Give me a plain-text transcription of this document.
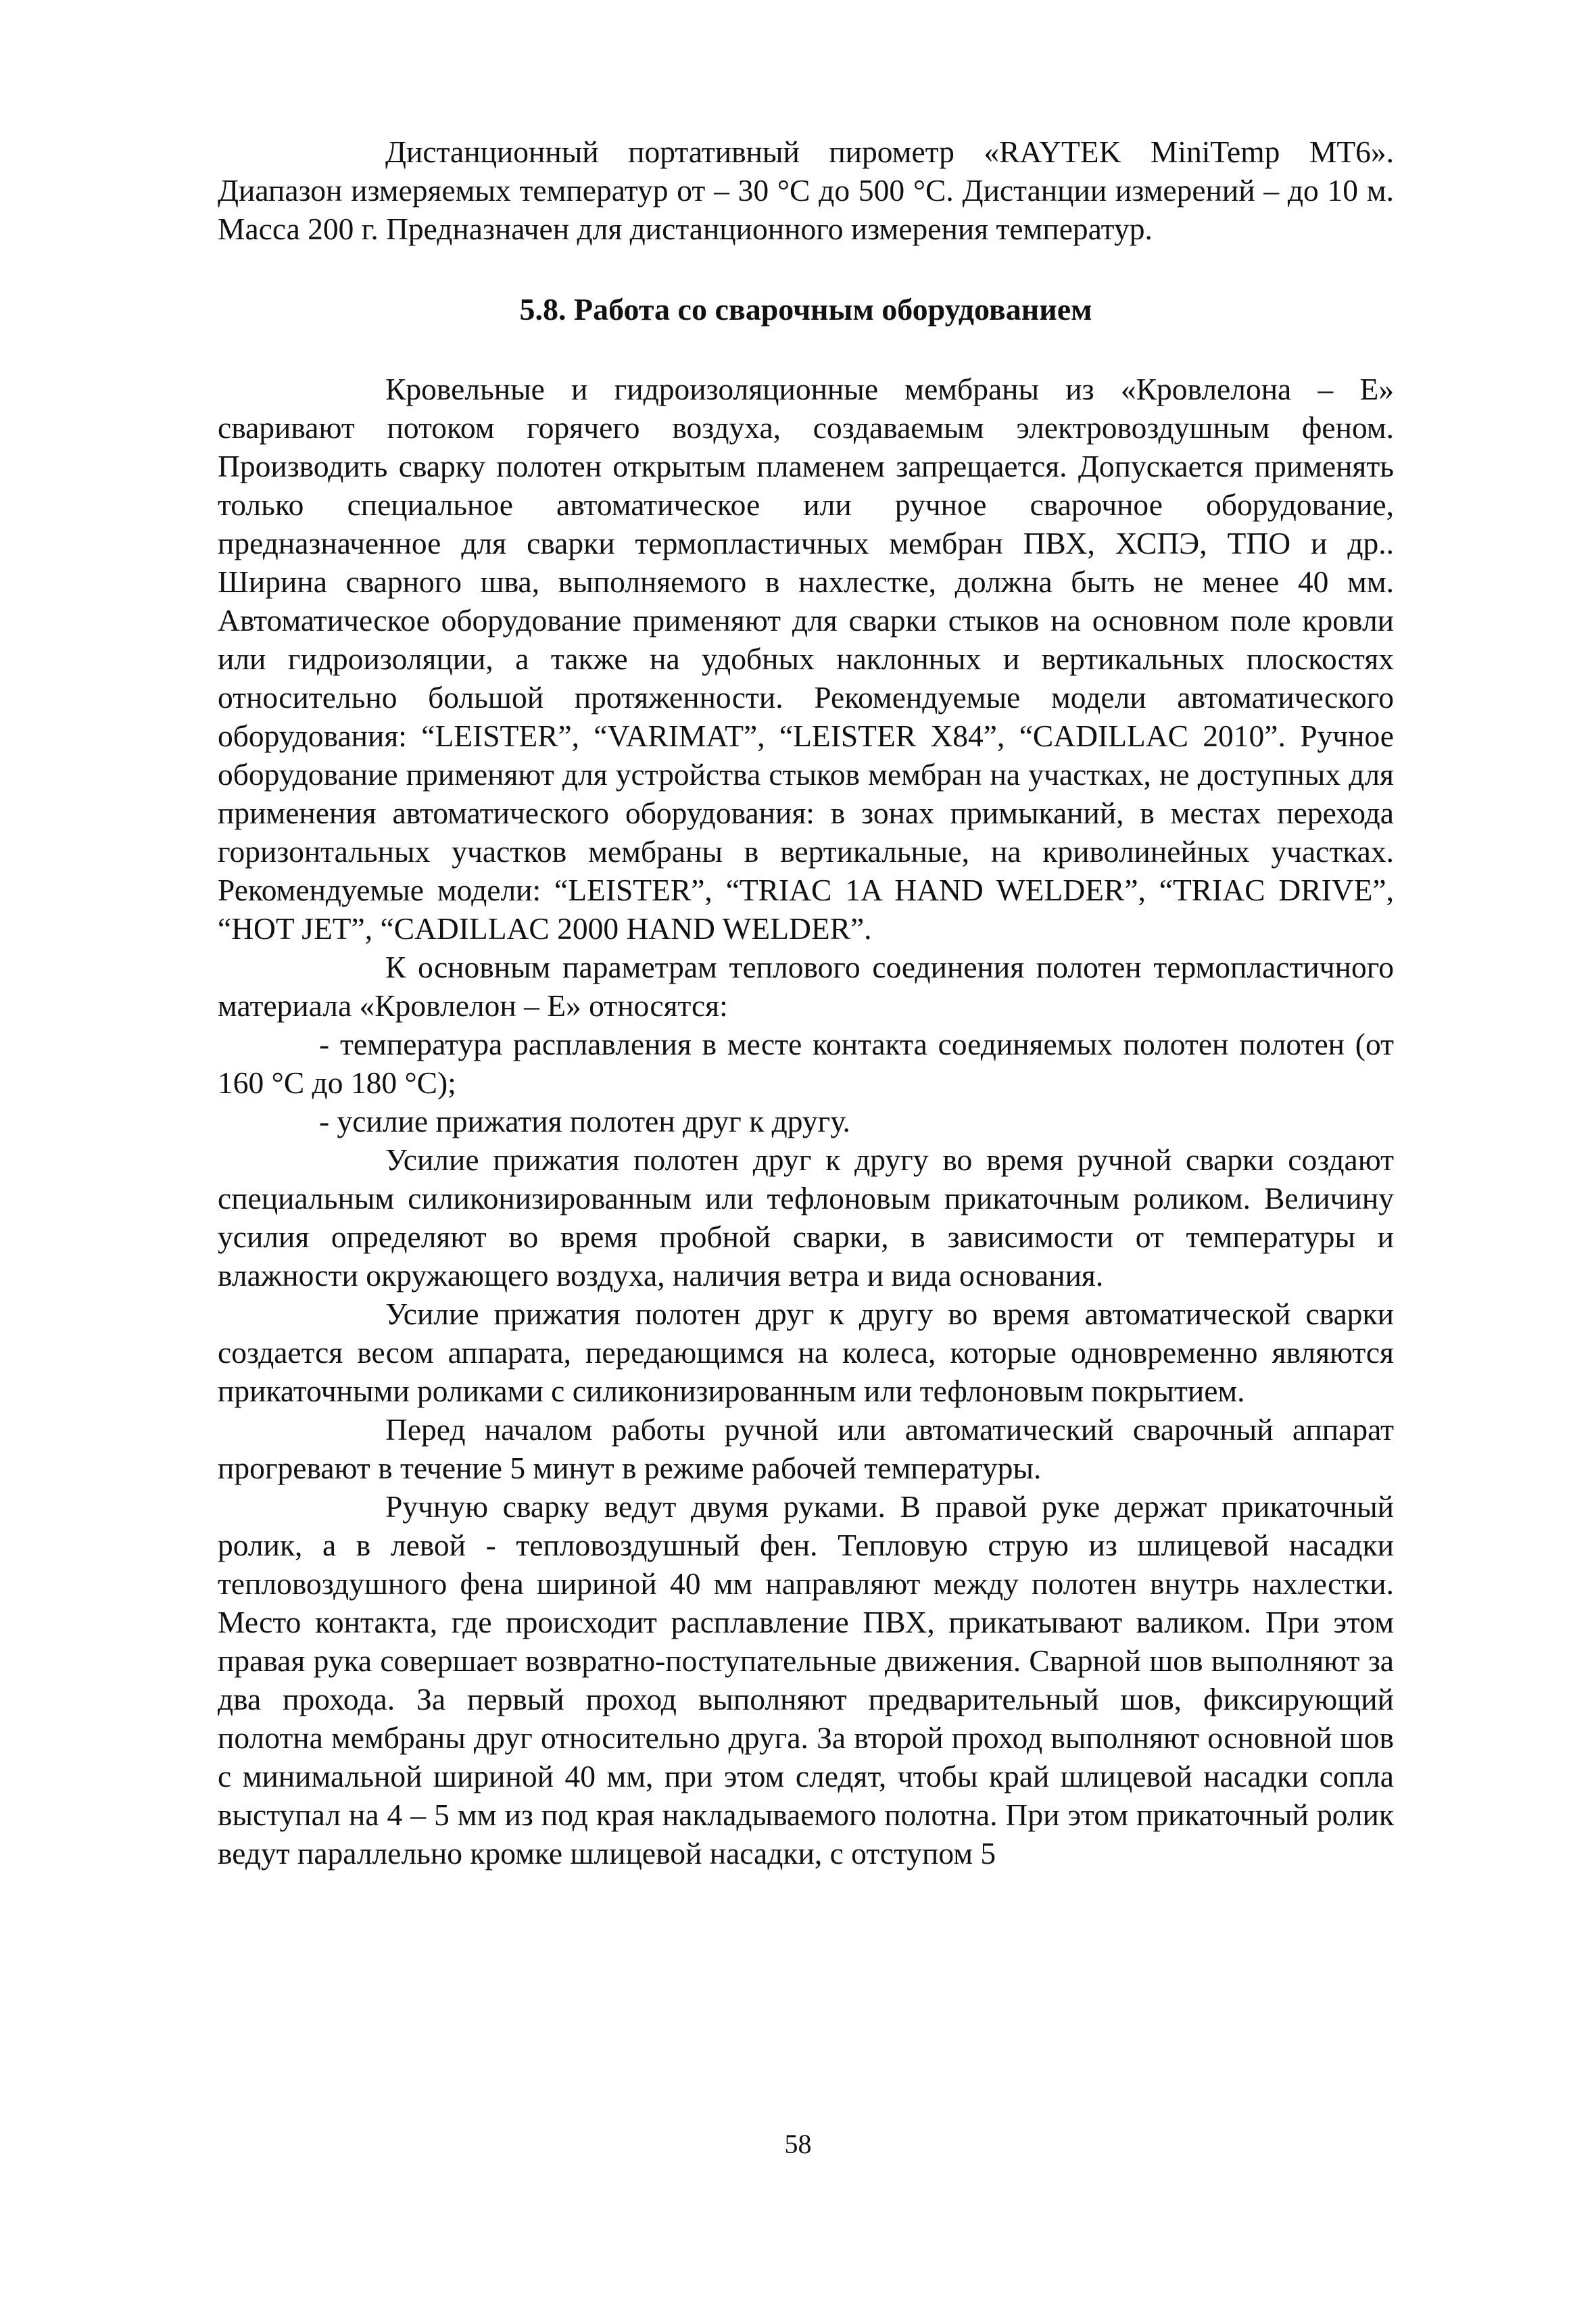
Дистанционный портативный пирометр «RAYTEK MiniTemp MT6». Диапазон измеряемых температур от – 30 °С до 500 °С. Дистанции измерений – до 10 м. Масса 200 г. Предназначен для дистанционного измерения температур.

5.8. Работа со сварочным оборудованием

Кровельные и гидроизоляционные мембраны из «Кровлелона – Е» сваривают потоком горячего воздуха, создаваемым электровоздушным феном. Производить сварку полотен открытым пламенем запрещается. Допускается применять только специальное автоматическое или ручное сварочное оборудование, предназначенное для сварки термопластичных мембран ПВХ, ХСПЭ, ТПО и др.. Ширина сварного шва, выполняемого в нахлестке, должна быть не менее 40 мм. Автоматическое оборудование применяют для сварки стыков на основном поле кровли или гидроизоляции, а также на удобных наклонных и вертикальных плоскостях относительно большой протяженности. Рекомендуемые модели автоматического оборудования: “LEISTER”, “VARIMAT”, “LEISTER X84”, “CADILLAC 2010”. Ручное оборудование применяют для устройства стыков мембран на участках, не доступных для применения автоматического оборудования: в зонах примыканий, в местах перехода горизонтальных участков мембраны в вертикальные, на криволинейных участках. Рекомендуемые модели: “LEISTER”, “TRIAC 1A HAND WELDER”, “TRIAC DRIVE”, “HOT JET”, “CADILLAC 2000 HAND WELDER”.

К основным параметрам теплового соединения полотен термопластичного материала «Кровлелон – Е» относятся:

- температура расплавления в месте контакта соединяемых полотен полотен (от 160 °С до 180 °С);

- усилие прижатия полотен друг к другу.

Усилие прижатия полотен друг к другу во время ручной сварки создают специальным силиконизированным или тефлоновым прикаточным роликом. Величину усилия определяют во время пробной сварки, в зависимости от температуры и влажности окружающего воздуха, наличия ветра и вида основания.

Усилие прижатия полотен друг к другу во время автоматической сварки создается весом аппарата, передающимся на колеса, которые одновременно являются прикаточными роликами с силиконизированным или тефлоновым покрытием.

Перед началом работы ручной или автоматический сварочный аппарат прогревают в течение 5 минут в режиме рабочей температуры.

Ручную сварку ведут двумя руками. В правой руке держат прикаточный ролик, а в левой - тепловоздушный фен. Тепловую струю из шлицевой насадки тепловоздушного фена шириной 40 мм направляют между полотен внутрь нахлестки. Место контакта, где происходит расплавление ПВХ, прикатывают валиком. При этом правая рука совершает возвратно-поступательные движения. Сварной шов выполняют за два прохода. За первый проход выполняют предварительный шов, фиксирующий полотна мембраны друг относительно друга. За второй проход выполняют основной шов с минимальной шириной 40 мм, при этом следят, чтобы край шлицевой насадки сопла выступал на 4 – 5 мм из под края накладываемого полотна. При этом прикаточный ролик ведут параллельно кромке шлицевой насадки, с отступом 5

58
